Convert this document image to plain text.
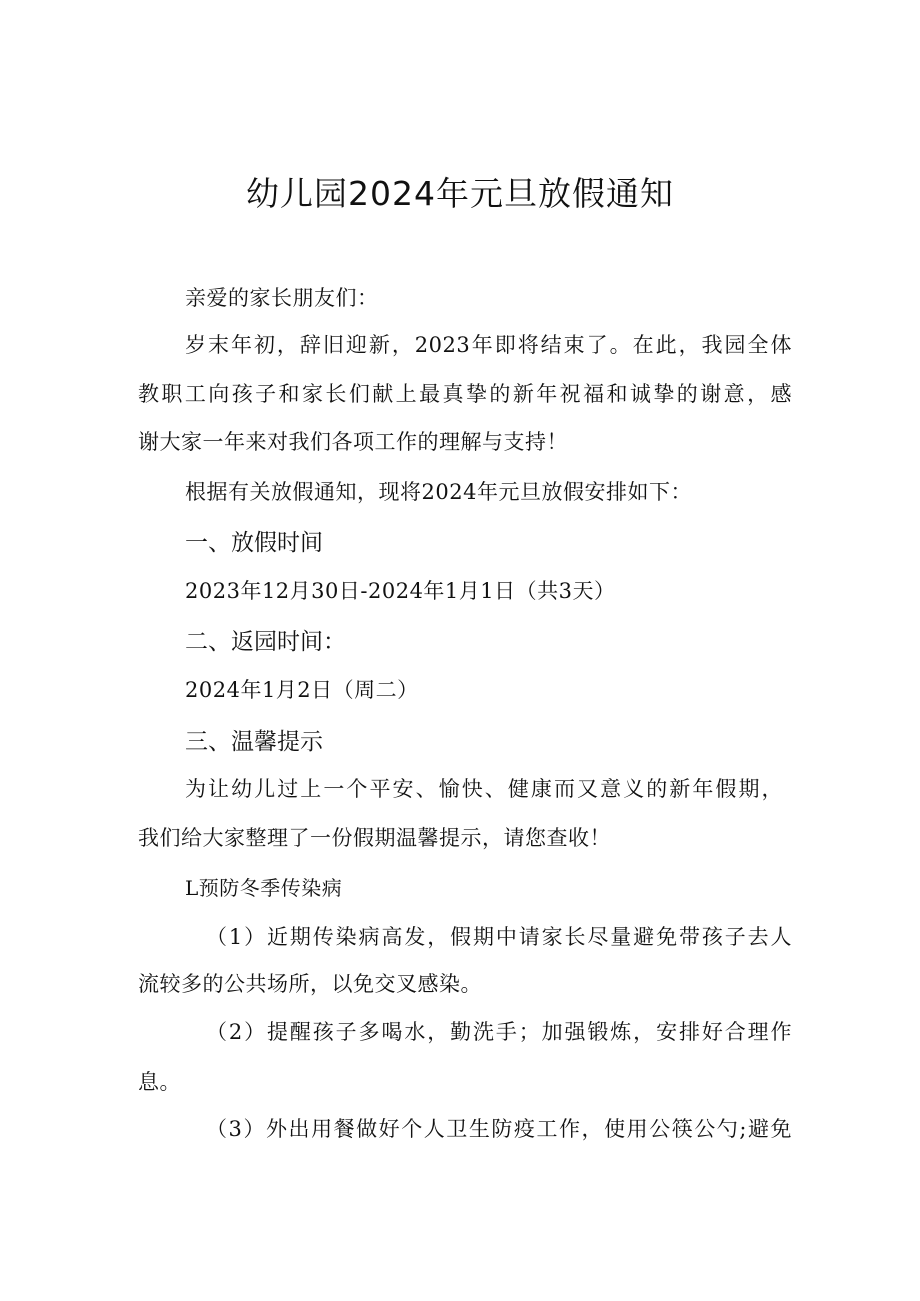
幼儿园2024年元旦放假通知
亲爱的家长朋友们：
岁末年初，辞旧迎新，2023年即将结束了。在此，我园全体
教职工向孩子和家长们献上最真挚的新年祝福和诚挚的谢意，感
谢大家一年来对我们各项工作的理解与支持！
根据有关放假通知，现将2024年元旦放假安排如下：
一、放假时间
2023年12月30日-2024年1月1日（共3天）
二、返园时间：
2024年1月2日（周二）
三、温馨提示
为让幼儿过上一个平安、愉快、健康而又意义的新年假期，
我们给大家整理了一份假期温馨提示，请您查收！
L预防冬季传染病
（1）近期传染病高发，假期中请家长尽量避免带孩子去人
流较多的公共场所，以免交叉感染。
（2）提醒孩子多喝水，勤洗手；加强锻炼，安排好合理作
息。
（3）外出用餐做好个人卫生防疫工作，使用公筷公勺;避免
